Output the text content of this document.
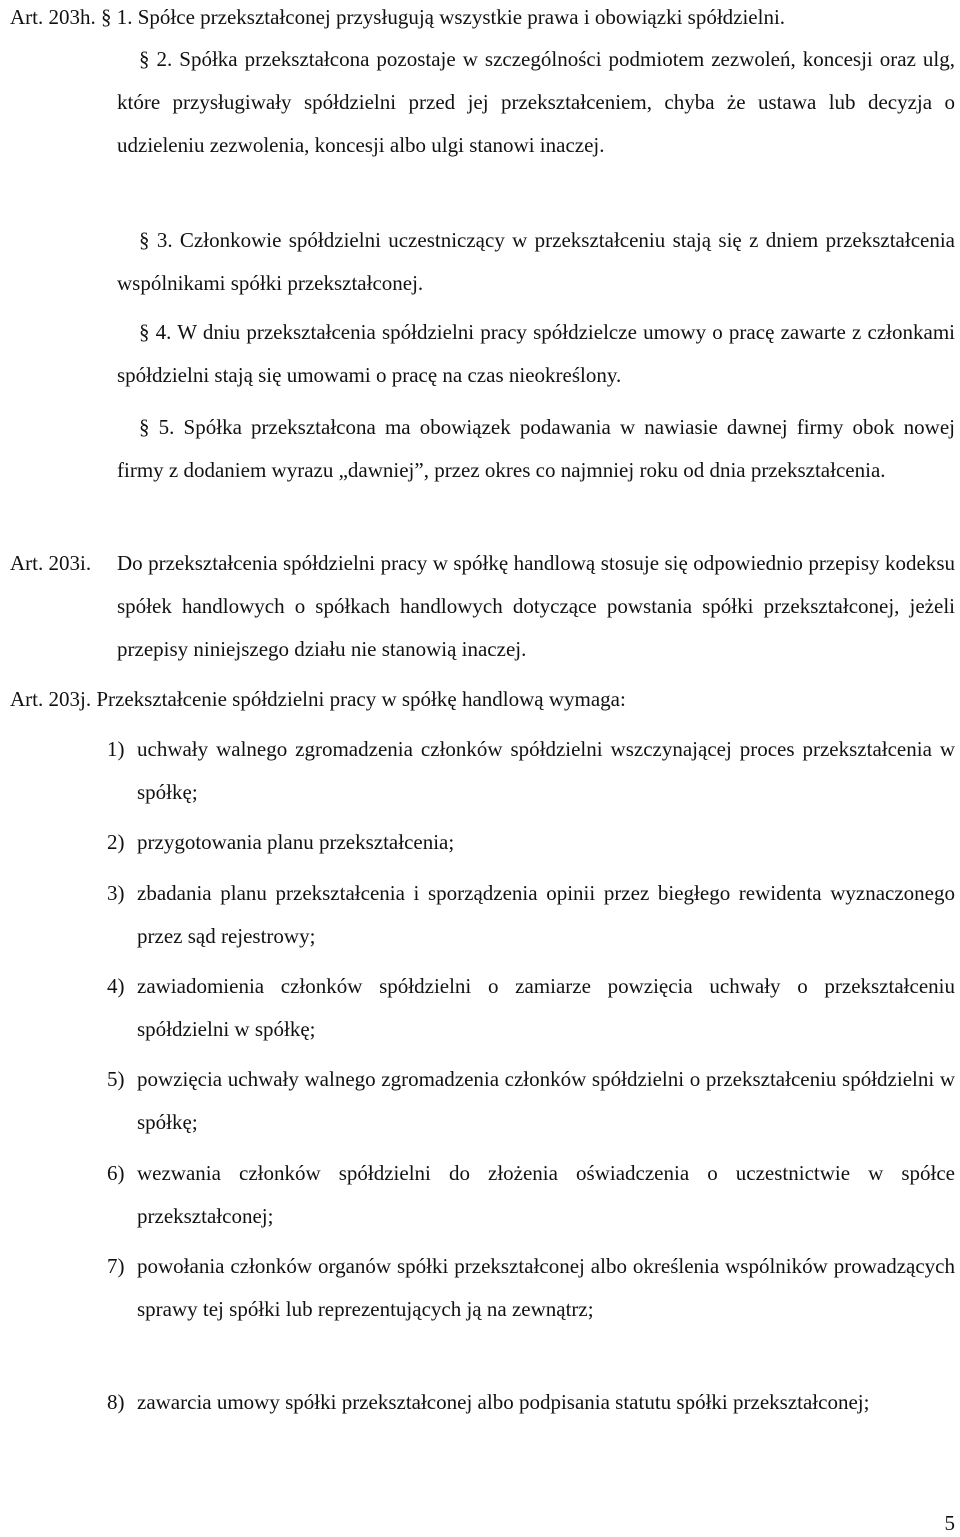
Art. 203h. § 1. Spółce przekształconej przysługują wszystkie prawa i obowiązki spółdzielni.
§ 2. Spółka przekształcona pozostaje w szczególności podmiotem zezwoleń, koncesji oraz ulg, które przysługiwały spółdzielni przed jej przekształceniem, chyba że ustawa lub decyzja o udzieleniu zezwolenia, koncesji albo ulgi stanowi inaczej.
§ 3. Członkowie spółdzielni uczestniczący w przekształceniu stają się z dniem przekształcenia wspólnikami spółki przekształconej.
§ 4. W dniu przekształcenia spółdzielni pracy spółdzielcze umowy o pracę zawarte z członkami spółdzielni stają się umowami o pracę na czas nieokreślony.
§ 5. Spółka przekształcona ma obowiązek podawania w nawiasie dawnej firmy obok nowej firmy z dodaniem wyrazu „dawniej”, przez okres co najmniej roku od dnia przekształcenia.
Art. 203i. Do przekształcenia spółdzielni pracy w spółkę handlową stosuje się odpowiednio przepisy kodeksu spółek handlowych o spółkach handlowych dotyczące powstania spółki przekształconej, jeżeli przepisy niniejszego działu nie stanowią inaczej.
Art. 203j. Przekształcenie spółdzielni pracy w spółkę handlową wymaga:
1) uchwały walnego zgromadzenia członków spółdzielni wszczynającej proces przekształcenia w spółkę;
2) przygotowania planu przekształcenia;
3) zbadania planu przekształcenia i sporządzenia opinii przez biegłego rewidenta wyznaczonego przez sąd rejestrowy;
4) zawiadomienia członków spółdzielni o zamiarze powzięcia uchwały o przekształceniu spółdzielni w spółkę;
5) powzięcia uchwały walnego zgromadzenia członków spółdzielni o przekształceniu spółdzielni w spółkę;
6) wezwania członków spółdzielni do złożenia oświadczenia o uczestnictwie w spółce przekształconej;
7) powołania członków organów spółki przekształconej albo określenia wspólników prowadzących sprawy tej spółki lub reprezentujących ją na zewnątrz;
8) zawarcia umowy spółki przekształconej albo podpisania statutu spółki przekształconej;
5
